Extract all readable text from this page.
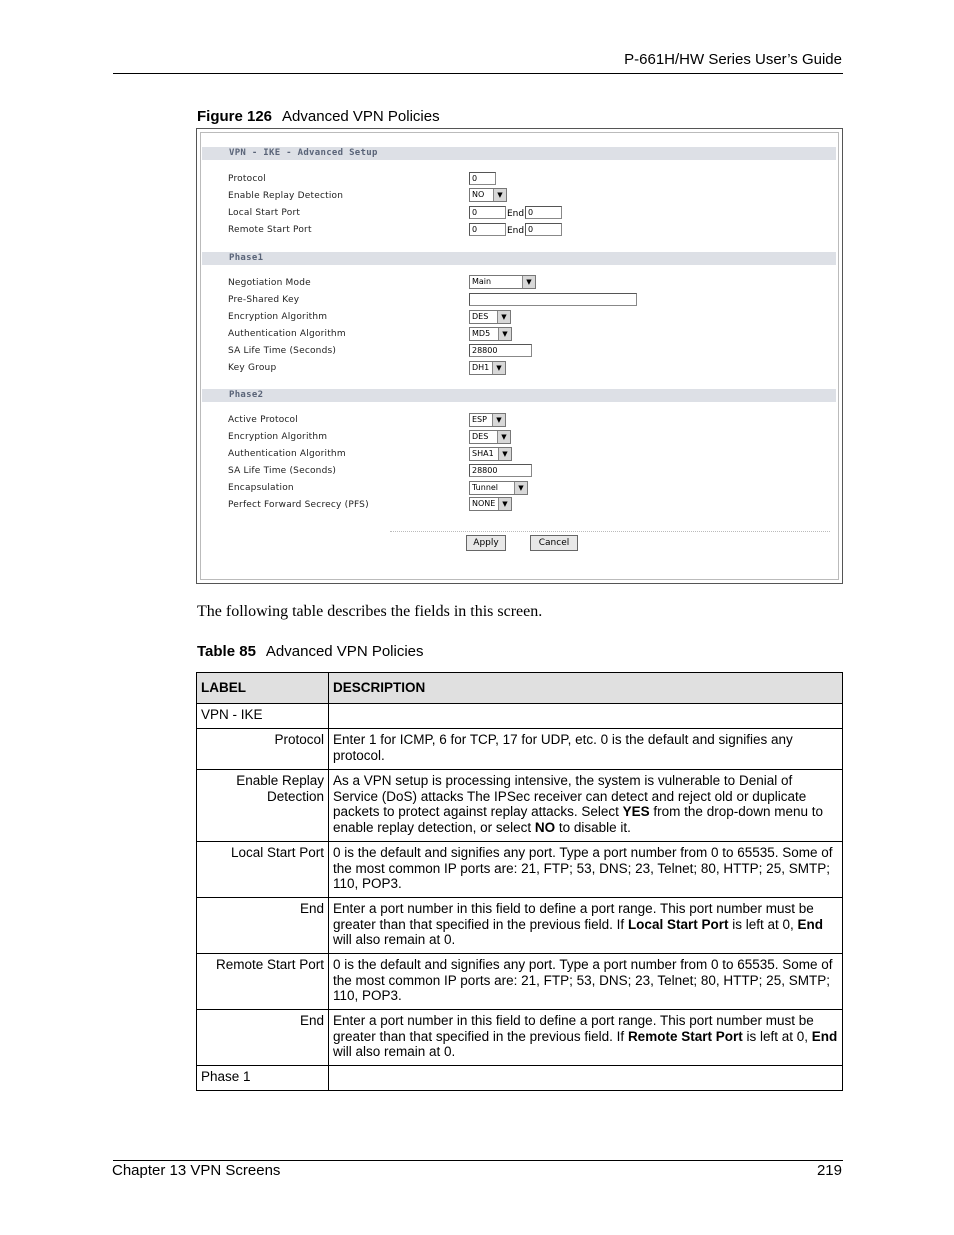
P-661H/HW Series User’s Guide
Figure 126 Advanced VPN Policies
VPN - IKE - Advanced Setup
Protocol	0
Enable Replay Detection	NO	▼
Local Start Port	0	End 0
Remote Start Port	0	End 0
Phase1
Negotiation Mode	Main	▼
Pre-Shared Key
Encryption Algorithm	DES	▼
Authentication Algorithm	MD5	▼
SA Life Time (Seconds)	28800
Key Group	DH1	▼
Phase2
Active Protocol	ESP	▼
Encryption Algorithm	DES	▼
Authentication Algorithm	SHA1	▼
SA Life Time (Seconds)	28800
Encapsulation	Tunnel	▼
Perfect Forward Secrecy (PFS)	NONE ▼
Apply	Cancel
The following table describes the fields in this screen.
Table 85 Advanced VPN Policies
LABEL	DESCRIPTION
VPN - IKE	
Protocol	Enter 1 for ICMP, 6 for TCP, 17 for UDP, etc. 0 is the default and signifies any protocol.
Enable Replay Detection	As a VPN setup is processing intensive, the system is vulnerable to Denial of Service (DoS) attacks The IPSec receiver can detect and reject old or duplicate packets to protect against replay attacks. Select YES from the drop-down menu to enable replay detection, or select NO to disable it.
Local Start Port	0 is the default and signifies any port. Type a port number from 0 to 65535. Some of the most common IP ports are: 21, FTP; 53, DNS; 23, Telnet; 80, HTTP; 25, SMTP; 110, POP3.
End	Enter a port number in this field to define a port range. This port number must be greater than that specified in the previous field. If Local Start Port is left at 0, End will also remain at 0.
Remote Start Port	0 is the default and signifies any port. Type a port number from 0 to 65535. Some of the most common IP ports are: 21, FTP; 53, DNS; 23, Telnet; 80, HTTP; 25, SMTP; 110, POP3.
End	Enter a port number in this field to define a port range. This port number must be greater than that specified in the previous field. If Remote Start Port is left at 0, End will also remain at 0.
Phase 1	
Chapter 13 VPN Screens	219
